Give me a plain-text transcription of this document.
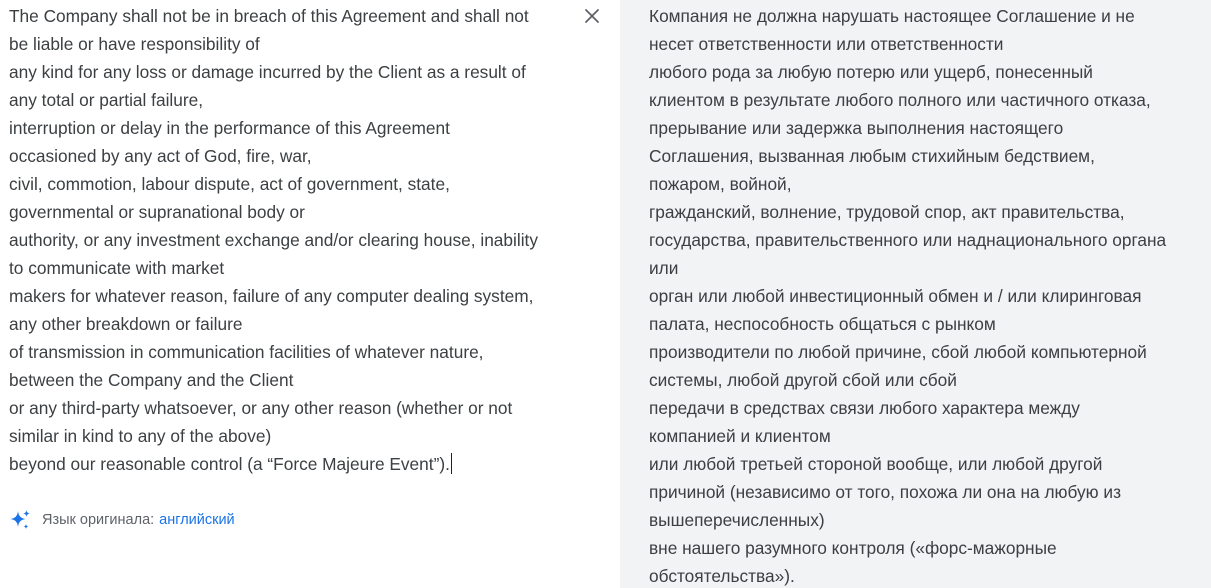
The Company shall not be in breach of this Agreement and shall not
be liable or have responsibility of
any kind for any loss or damage incurred by the Client as a result of
any total or partial failure,
interruption or delay in the performance of this Agreement
occasioned by any act of God, fire, war,
civil, commotion, labour dispute, act of government, state,
governmental or supranational body or
authority, or any investment exchange and/or clearing house, inability
to communicate with market
makers for whatever reason, failure of any computer dealing system,
any other breakdown or failure
of transmission in communication facilities of whatever nature,
between the Company and the Client
or any third-party whatsoever, or any other reason (whether or not
similar in kind to any of the above)
beyond our reasonable control (a “Force Majeure Event”).
Язык оригинала: английский
Компания не должна нарушать настоящее Соглашение и не
несет ответственности или ответственности
любого рода за любую потерю или ущерб, понесенный
клиентом в результате любого полного или частичного отказа,
прерывание или задержка выполнения настоящего
Соглашения, вызванная любым стихийным бедствием,
пожаром, войной,
гражданский, волнение, трудовой спор, акт правительства,
государства, правительственного или наднационального органа
или
орган или любой инвестиционный обмен и / или клиринговая
палата, неспособность общаться с рынком
производители по любой причине, сбой любой компьютерной
системы, любой другой сбой или сбой
передачи в средствах связи любого характера между
компанией и клиентом
или любой третьей стороной вообще, или любой другой
причиной (независимо от того, похожа ли она на любую из
вышеперечисленных)
вне нашего разумного контроля («форс-мажорные
обстоятельства»).
